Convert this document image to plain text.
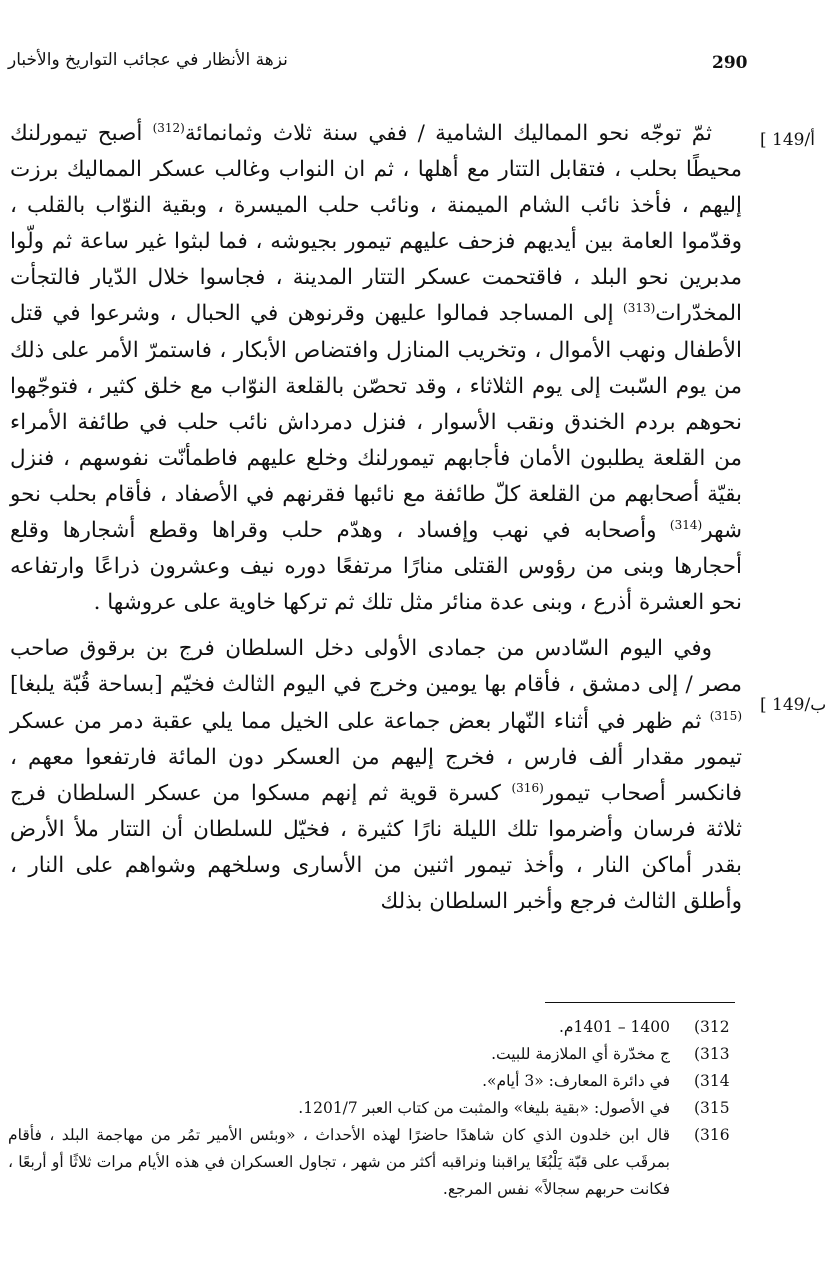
نزهة الأنظار في عجائب التواريخ والأخبار	290
[ 149/أ
[ 149/ب

ثمّ توجّه نحو المماليك الشامية / ففي سنة ثلاث وثمانمائة$^{(312)}$ أصبح تيمورلنك محيطًا بحلب ، فتقابل التتار مع أهلها ، ثم ان النواب وغالب عسكر المماليك برزت إليهم ، فأخذ نائب الشام الميمنة ، ونائب حلب الميسرة ، وبقية النوّاب بالقلب ، وقدّموا العامة بين أيديهم فزحف عليهم تيمور بجيوشه ، فما لبثوا غير ساعة ثم ولّوا مدبرين نحو البلد ، فاقتحمت عسكر التتار المدينة ، فجاسوا خلال الدّيار فالتجأت المخدّرات$^{(313)}$ إلى المساجد فمالوا عليهن وقرنوهن في الحبال ، وشرعوا في قتل الأطفال ونهب الأموال ، وتخريب المنازل وافتضاص الأبكار ، فاستمرّ الأمر على ذلك من يوم السّبت إلى يوم الثلاثاء ، وقد تحصّن بالقلعة النوّاب مع خلق كثير ، فتوجّهوا نحوهم بردم الخندق ونقب الأسوار ، فنزل دمرداش نائب حلب في طائفة الأمراء من القلعة يطلبون الأمان فأجابهم تيمورلنك وخلع عليهم فاطمأنّت نفوسهم ، فنزل بقيّة أصحابهم من القلعة كلّ طائفة مع نائبها فقرنهم في الأصفاد ، فأقام بحلب نحو شهر$^{(314)}$ وأصحابه في نهب وإفساد ، وهدّم حلب وقراها وقطع أشجارها وقلع أحجارها وبنى من رؤوس القتلى منارًا مرتفعًا دوره نيف وعشرون ذراعًا وارتفاعه نحو العشرة أذرع ، وبنى عدة منائر مثل تلك ثم تركها خاوية على عروشها .

وفي اليوم السّادس من جمادى الأولى دخل السلطان فرج بن برقوق صاحب مصر / إلى دمشق ، فأقام بها يومين وخرج في اليوم الثالث فخيّم [بساحة قُبّة يلبغا]$^{(315)}$ ثم ظهر في أثناء النّهار بعض جماعة على الخيل مما يلي عقبة دمر من عسكر تيمور مقدار ألف فارس ، فخرج إليهم من العسكر دون المائة فارتفعوا معهم ، فانكسر أصحاب تيمور$^{(316)}$ كسرة قوية ثم إنهم مسكوا من عسكر السلطان فرج ثلاثة فرسان وأضرموا تلك الليلة نارًا كثيرة ، فخيّل للسلطان أن التتار ملأ الأرض بقدر أماكن النار ، وأخذ تيمور اثنين من الأسارى وسلخهم وشواهم على النار ، وأطلق الثالث فرجع وأخبر السلطان بذلك

(312
1400 – 1401م.
(313
ج مخدّرة أي الملازمة للبيت.
(314
في دائرة المعارف: «3 أيام».
(315
في الأصول: «بقية بليغا» والمثبت من كتاب العبر 1201/7.
(316
قال ابن خلدون الذي كان شاهدًا حاضرًا لهذه الأحداث ، «وبئس الأمير تمُر من مهاجمة البلد ، فأقام بمرقَب على قبّة يَلْبُغَا يراقبنا ونراقبه أكثر من شهر ، تجاول العسكران في هذه الأيام مرات ثلاثًا أو أربعًا ، فكانت حربهم سجالاً» نفس المرجع.
